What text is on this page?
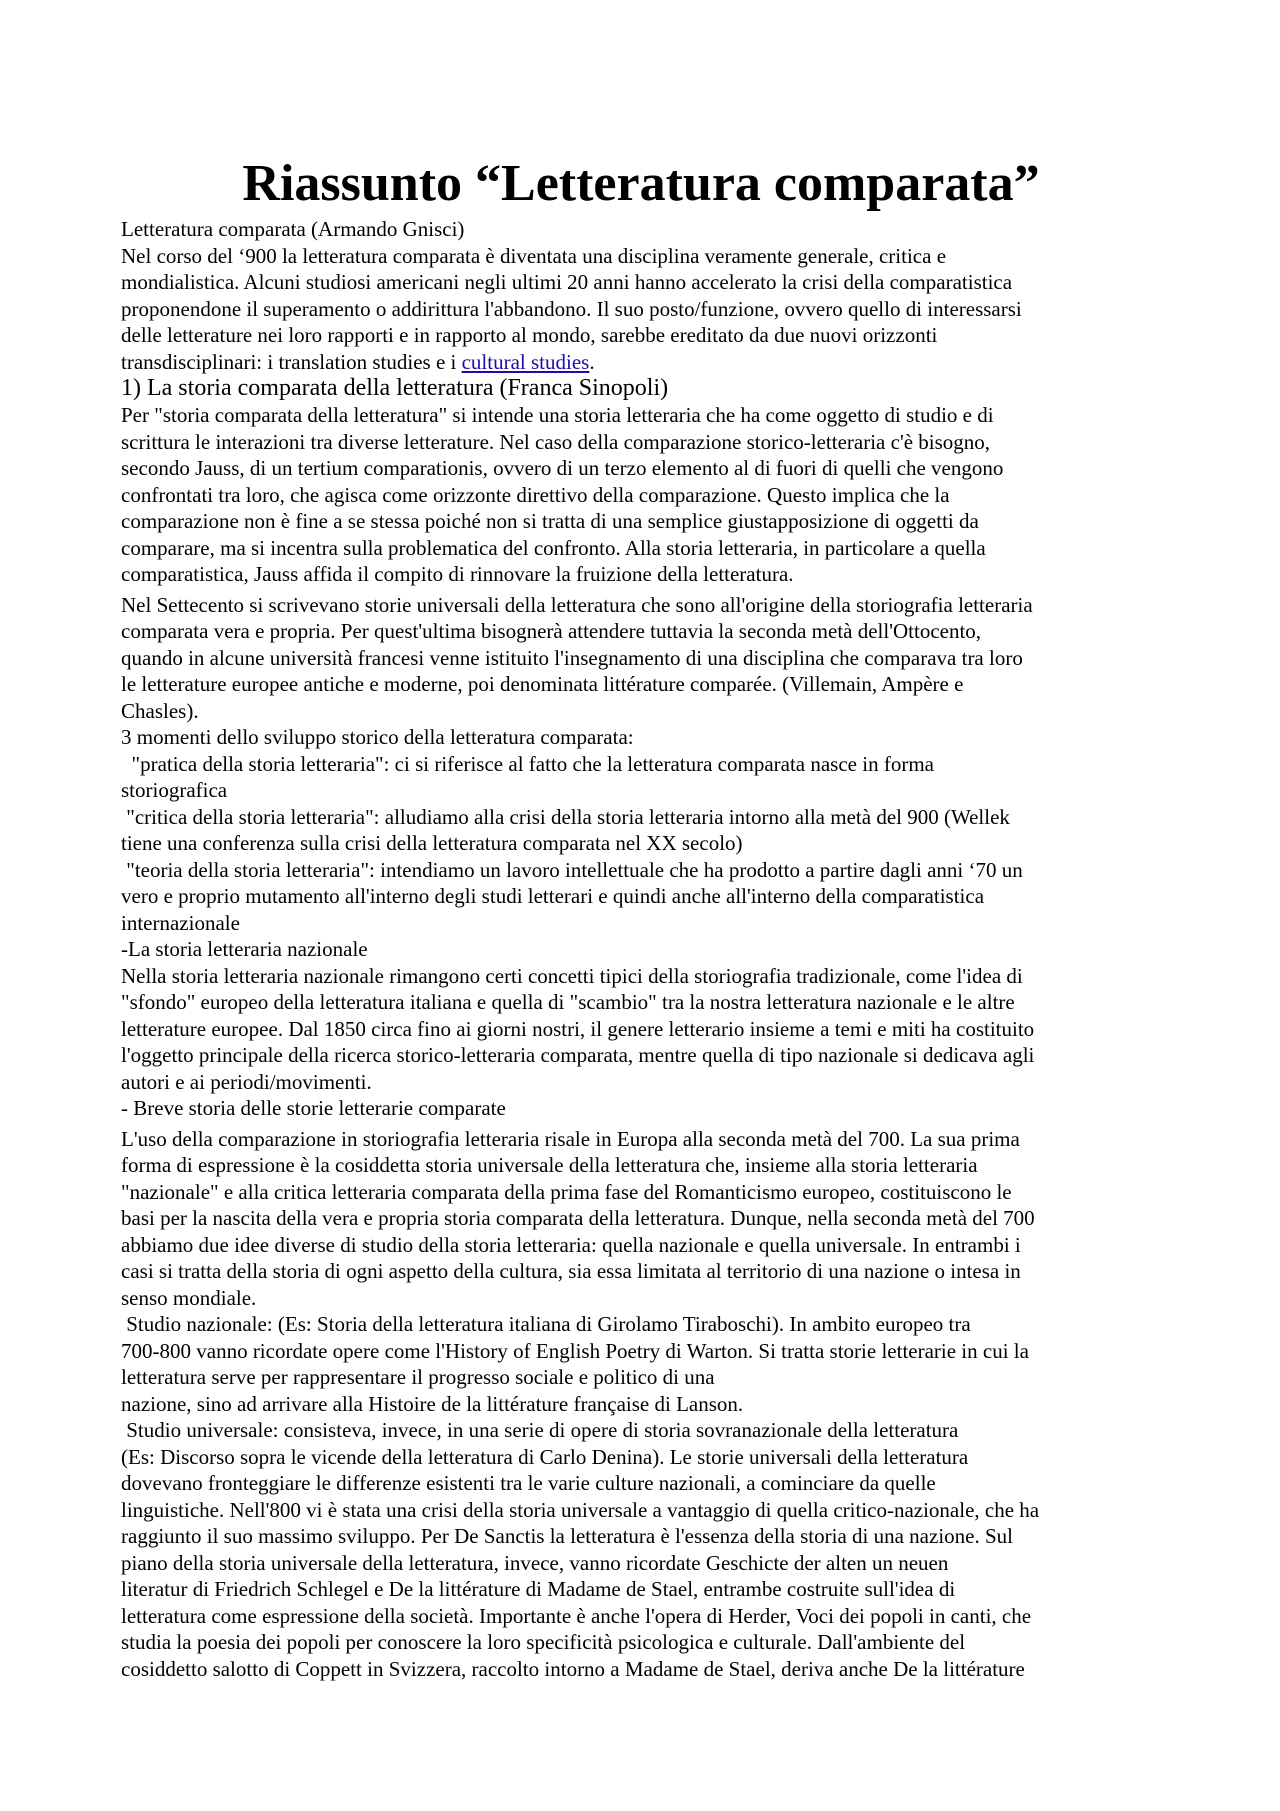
Riassunto “Letteratura comparata”

Letteratura comparata (Armando Gnisci)

Nel corso del ‘900 la letteratura comparata è diventata una disciplina veramente generale, critica e

mondialistica. Alcuni studiosi americani negli ultimi 20 anni hanno accelerato la crisi della comparatistica

proponendone il superamento o addirittura l'abbandono. Il suo posto/funzione, ovvero quello di interessarsi

delle letterature nei loro rapporti e in rapporto al mondo, sarebbe ereditato da due nuovi orizzonti

transdisciplinari: i translation studies e i cultural studies.

1) La storia comparata della letteratura (Franca Sinopoli)

Per "storia comparata della letteratura" si intende una storia letteraria che ha come oggetto di studio e di

scrittura le interazioni tra diverse letterature. Nel caso della comparazione storico-letteraria c'è bisogno,

secondo Jauss, di un tertium comparationis, ovvero di un terzo elemento al di fuori di quelli che vengono

confrontati tra loro, che agisca come orizzonte direttivo della comparazione. Questo implica che la

comparazione non è fine a se stessa poiché non si tratta di una semplice giustapposizione di oggetti da

comparare, ma si incentra sulla problematica del confronto. Alla storia letteraria, in particolare a quella

comparatistica, Jauss affida il compito di rinnovare la fruizione della letteratura.

Nel Settecento si scrivevano storie universali della letteratura che sono all'origine della storiografia letteraria

comparata vera e propria. Per quest'ultima bisognerà attendere tuttavia la seconda metà dell'Ottocento,

quando in alcune università francesi venne istituito l'insegnamento di una disciplina che comparava tra loro

le letterature europee antiche e moderne, poi denominata littérature comparée. (Villemain, Ampère e

Chasles).

3 momenti dello sviluppo storico della letteratura comparata:

"pratica della storia letteraria": ci si riferisce al fatto che la letteratura comparata nasce in forma

storiografica

"critica della storia letteraria": alludiamo alla crisi della storia letteraria intorno alla metà del 900 (Wellek

tiene una conferenza sulla crisi della letteratura comparata nel XX secolo)

"teoria della storia letteraria": intendiamo un lavoro intellettuale che ha prodotto a partire dagli anni ‘70 un

vero e proprio mutamento all'interno degli studi letterari e quindi anche all'interno della comparatistica

internazionale

-La storia letteraria nazionale

Nella storia letteraria nazionale rimangono certi concetti tipici della storiografia tradizionale, come l'idea di

"sfondo" europeo della letteratura italiana e quella di "scambio" tra la nostra letteratura nazionale e le altre

letterature europee. Dal 1850 circa fino ai giorni nostri, il genere letterario insieme a temi e miti ha costituito

l'oggetto principale della ricerca storico-letteraria comparata, mentre quella di tipo nazionale si dedicava agli

autori e ai periodi/movimenti.

- Breve storia delle storie letterarie comparate

L'uso della comparazione in storiografia letteraria risale in Europa alla seconda metà del 700. La sua prima

forma di espressione è la cosiddetta storia universale della letteratura che, insieme alla storia letteraria

"nazionale" e alla critica letteraria comparata della prima fase del Romanticismo europeo, costituiscono le

basi per la nascita della vera e propria storia comparata della letteratura. Dunque, nella seconda metà del 700

abbiamo due idee diverse di studio della storia letteraria: quella nazionale e quella universale. In entrambi i

casi si tratta della storia di ogni aspetto della cultura, sia essa limitata al territorio di una nazione o intesa in

senso mondiale.

Studio nazionale: (Es: Storia della letteratura italiana di Girolamo Tiraboschi). In ambito europeo tra

700-800 vanno ricordate opere come l'History of English Poetry di Warton. Si tratta storie letterarie in cui la

letteratura serve per rappresentare il progresso sociale e politico di una

nazione, sino ad arrivare alla Histoire de la littérature française di Lanson.

Studio universale: consisteva, invece, in una serie di opere di storia sovranazionale della letteratura

(Es: Discorso sopra le vicende della letteratura di Carlo Denina). Le storie universali della letteratura

dovevano fronteggiare le differenze esistenti tra le varie culture nazionali, a cominciare da quelle

linguistiche. Nell'800 vi è stata una crisi della storia universale a vantaggio di quella critico-nazionale, che ha

raggiunto il suo massimo sviluppo. Per De Sanctis la letteratura è l'essenza della storia di una nazione. Sul

piano della storia universale della letteratura, invece, vanno ricordate Geschicte der alten un neuen

literatur di Friedrich Schlegel e De la littérature di Madame de Stael, entrambe costruite sull'idea di

letteratura come espressione della società. Importante è anche l'opera di Herder, Voci dei popoli in canti, che

studia la poesia dei popoli per conoscere la loro specificità psicologica e culturale. Dall'ambiente del

cosiddetto salotto di Coppett in Svizzera, raccolto intorno a Madame de Stael, deriva anche De la littérature
